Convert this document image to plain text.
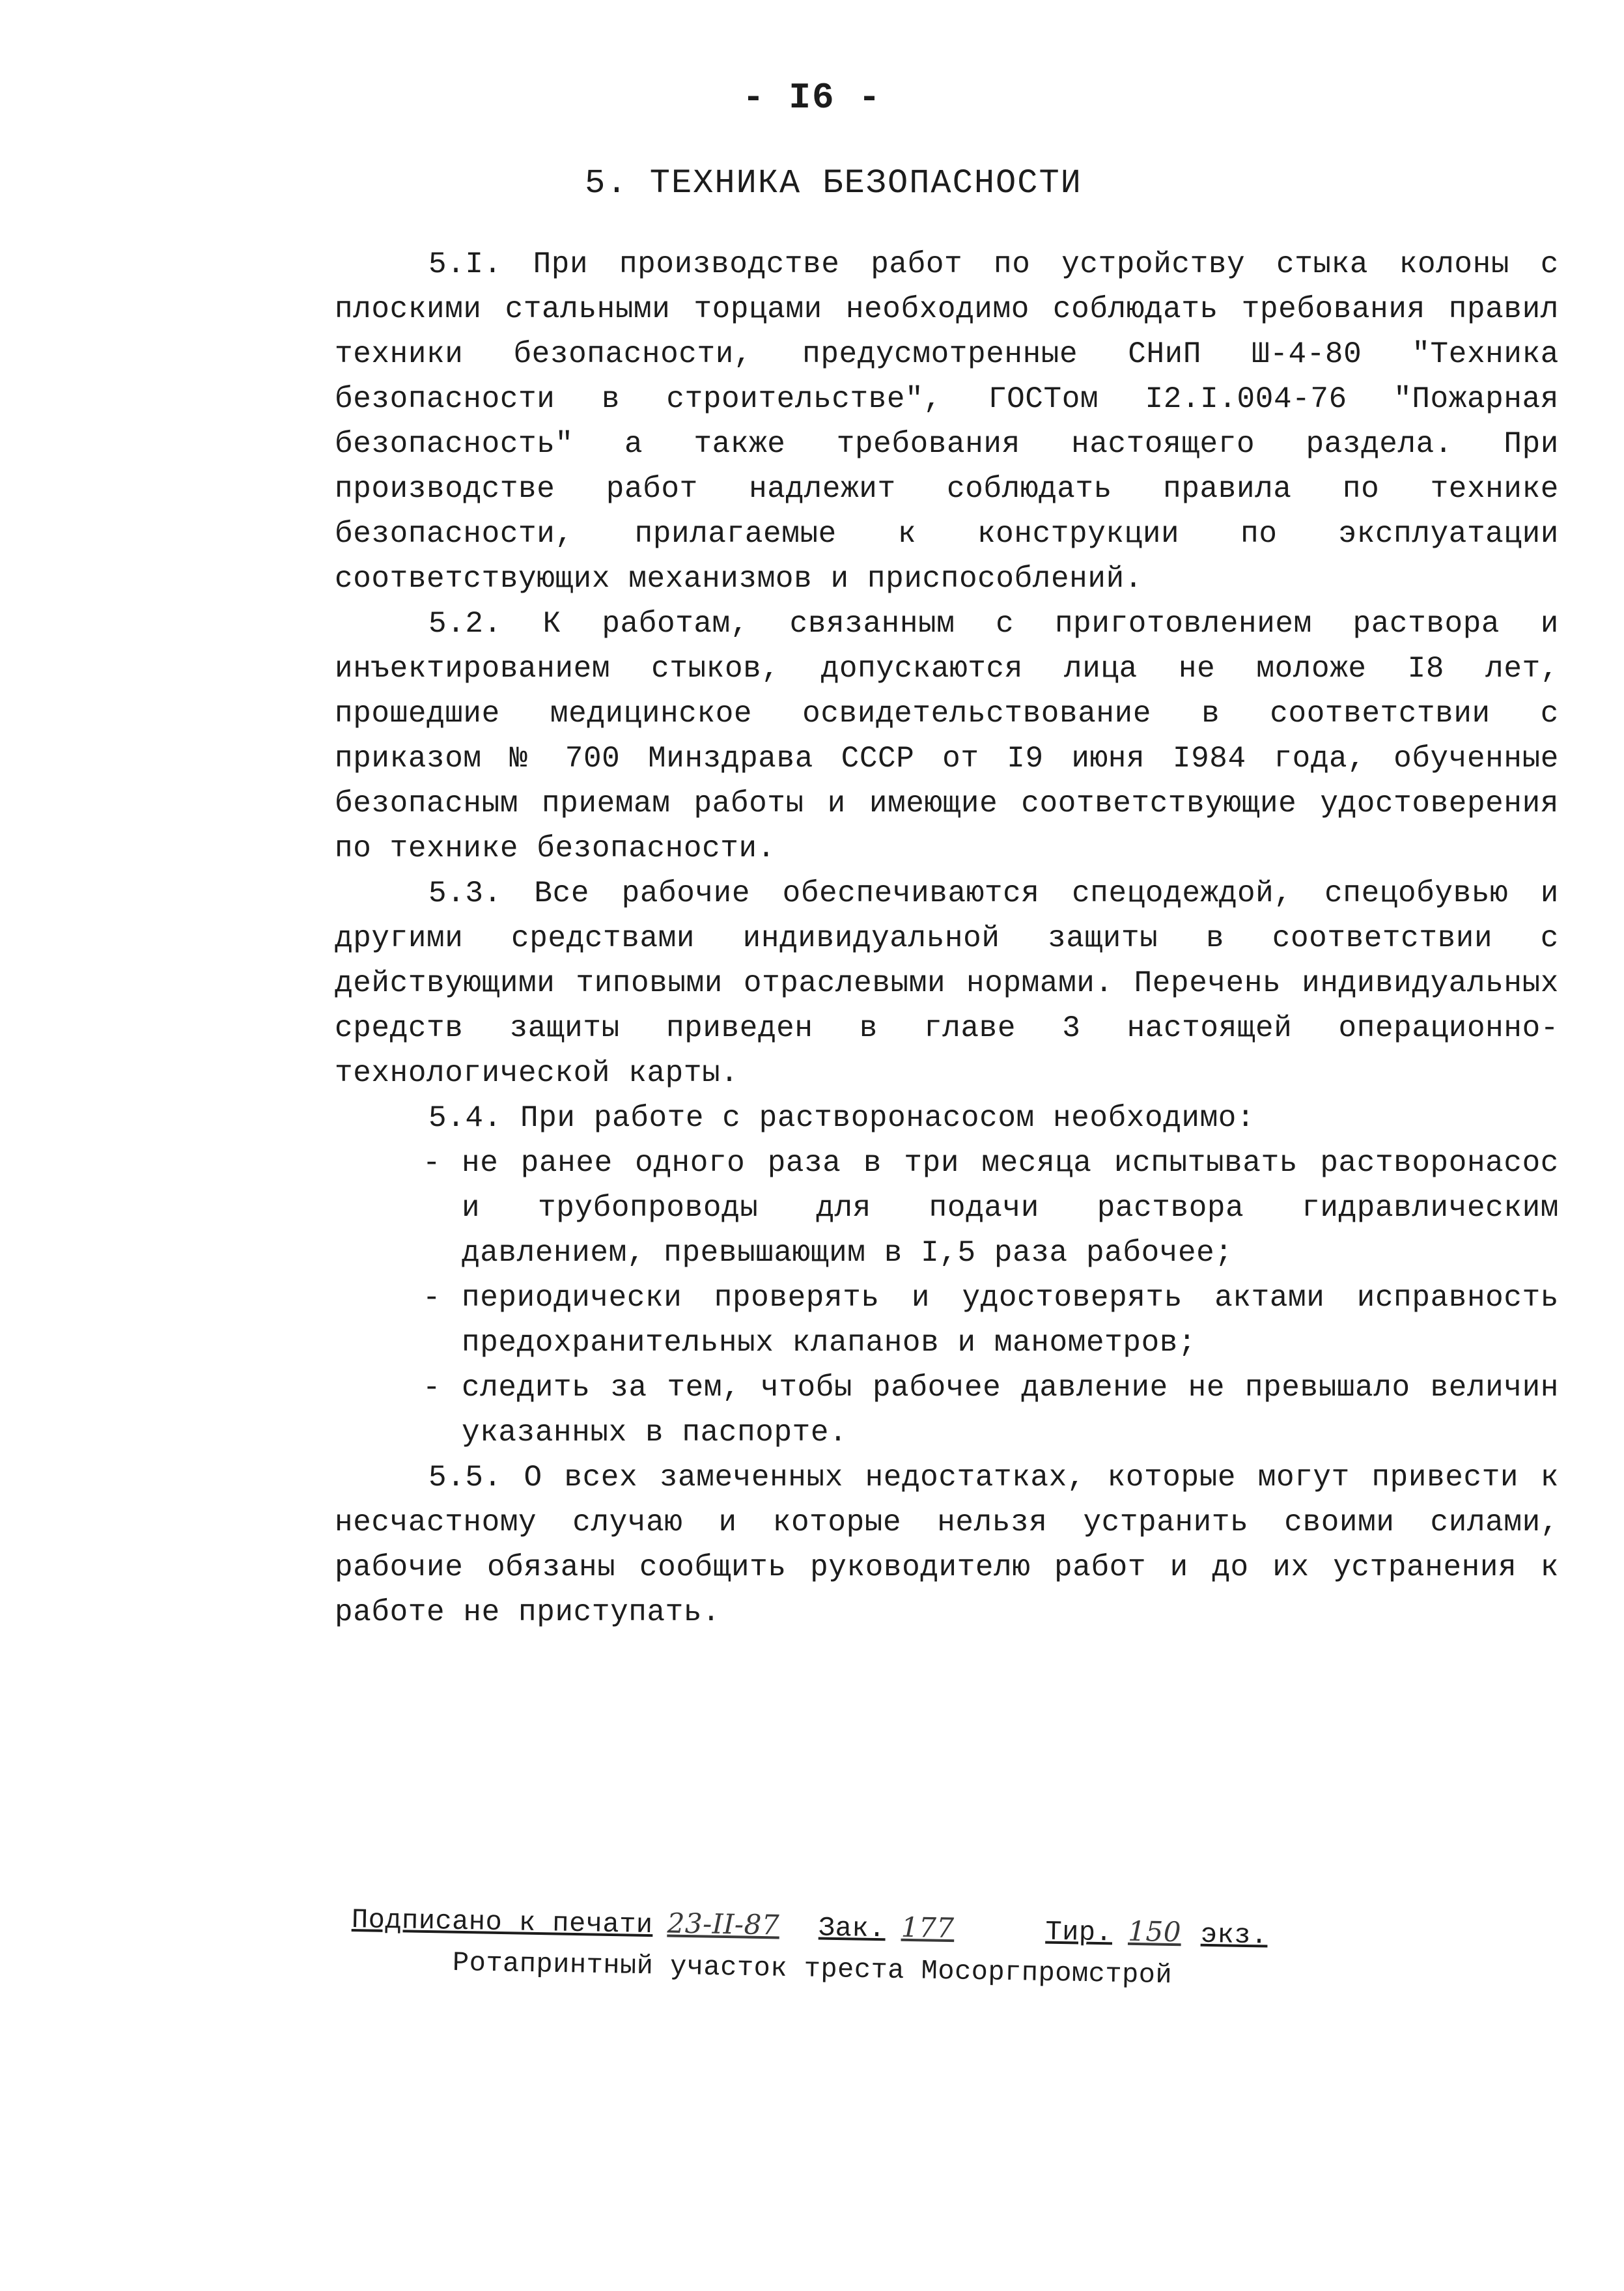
- I6 -
5. ТЕХНИКА БЕЗОПАСНОСТИ

5.I. При производстве работ по устройству стыка колоны с плоскими стальными торцами необходимо соблюдать требования правил техники безопасности, предусмотренные СНиП Ш-4-80 "Техника безопасности в строительстве", ГОСТом I2.I.004-76 "Пожарная безопасность" а также требования настоящего раздела. При производстве работ надлежит соблюдать правила по технике безопасности, прилагаемые к конструкции по эксплуатации соответствующих механизмов и приспособлений.

5.2. К работам, связанным с приготовлением раствора и инъектированием стыков, допускаются лица не моложе I8 лет, прошедшие медицинское освидетельствование в соответствии с приказом № 700 Минздрава СССР от I9 июня I984 года, обученные безопасным приемам работы и имеющие соответствующие удостоверения по технике безопасности.

5.3. Все рабочие обеспечиваются спецодеждой, спецобувью и другими средствами индивидуальной защиты в соответствии с действующими типовыми отраслевыми нормами. Перечень индивидуальных средств защиты приведен в главе 3 настоящей операционно-технологической карты.

5.4. При работе с растворонасосом необходимо:

- не ранее одного раза в три месяца испытывать растворонасос и трубопроводы для подачи раствора гидравлическим давлением, превышающим в I,5 раза рабочее;
- периодически проверять и удостоверять актами исправность предохранительных клапанов и манометров;
- следить за тем, чтобы рабочее давление не превышало величин указанных в паспорте.

5.5. О всех замеченных недостатках, которые могут привести к несчастному случаю и которые нельзя устранить своими силами, рабочие обязаны сообщить руководителю работ и до их устранения к работе не приступать.

Подписано к печати 23-II-87 Зак. 177	Тир. 150 экз.
Ротапринтный участок треста Мосоргпромстрой
